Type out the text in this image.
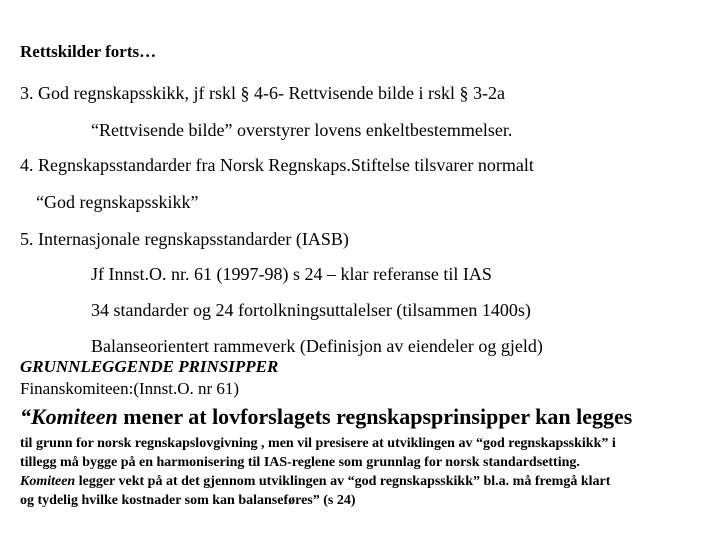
Rettskilder forts…
3. God regnskapsskikk, jf rskl § 4-6- Rettvisende bilde i rskl § 3-2a
“Rettvisende bilde” overstyrer lovens enkeltbestemmelser.
4. Regnskapsstandarder fra Norsk Regnskaps.Stiftelse tilsvarer normalt
“God regnskapsskikk”
5. Internasjonale regnskapsstandarder (IASB)
Jf Innst.O. nr. 61 (1997-98) s 24 – klar referanse til IAS
34 standarder og 24 fortolkningsuttalelser (tilsammen 1400s)
Balanseorientert rammeverk (Definisjon av eiendeler og gjeld)
GRUNNLEGGENDE PRINSIPPER
Finanskomiteen:(Innst.O. nr 61)
“Komiteen mener at lovforslagets regnskapsprinsipper kan legges
til grunn for norsk regnskapslovgivning , men vil presisere at utviklingen av “god regnskapsskikk” i
tillegg må bygge på en harmonisering til IAS-reglene som grunnlag for norsk standardsetting.
Komiteen legger vekt på at det gjennom utviklingen av “god regnskapsskikk” bl.a. må fremgå klart
og tydelig hvilke kostnader som kan balanseføres” (s 24)
